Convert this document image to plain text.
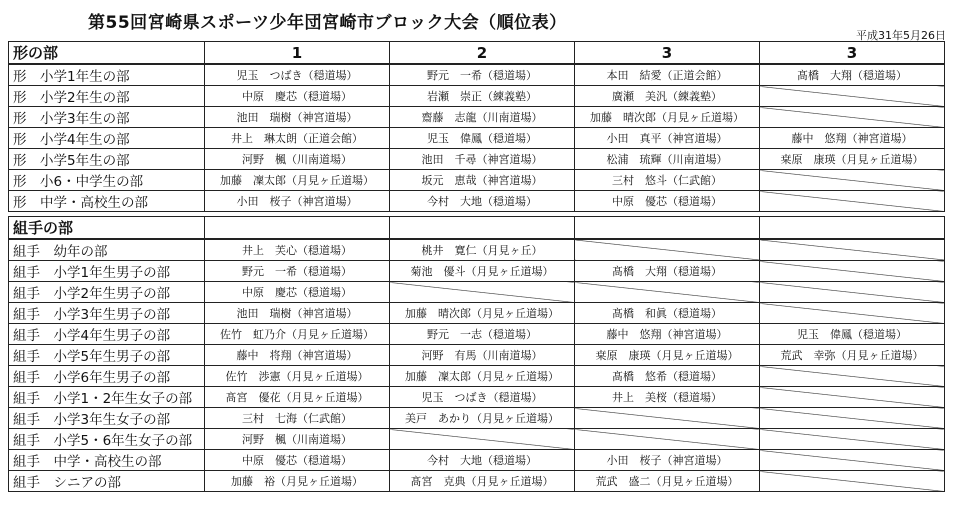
第55回宮崎県スポーツ少年団宮崎市ブロック大会（順位表）
平成31年5月26日
形の部	1	2	3	3
形　小学1年生の部	児玉　つばき（穏道場）	野元　一希（穏道場）	本田　結愛（正道会館）	髙橋　大翔（穏道場）
形　小学2年生の部	中原　慶芯（穏道場）	岩瀬　崇正（練義塾）	廣瀬　美汎（練義塾）	
形　小学3年生の部	池田　瑞樹（神宮道場）	齋藤　志龍（川南道場）	加藤　晴次郎（月見ヶ丘道場）	
形　小学4年生の部	井上　琳太朗（正道会館）	児玉　偉鳳（穏道場）	小田　真平（神宮道場）	藤中　悠翔（神宮道場）
形　小学5年生の部	河野　楓（川南道場）	池田　千尋（神宮道場）	松浦　琉輝（川南道場）	枽原　康瑛（月見ヶ丘道場）
形　小6・中学生の部	加藤　凜太郎（月見ヶ丘道場）	坂元　恵哉（神宮道場）	三村　悠斗（仁武館）	
形　中学・高校生の部	小田　桜子（神宮道場）	今村　大地（穏道場）	中原　優芯（穏道場）	

組手の部				
組手　幼年の部	井上　芙心（穏道場）	桃井　寛仁（月見ヶ丘）		
組手　小学1年生男子の部	野元　一希（穏道場）	菊池　優斗（月見ヶ丘道場）	髙橋　大翔（穏道場）	
組手　小学2年生男子の部	中原　慶芯（穏道場）			
組手　小学3年生男子の部	池田　瑞樹（神宮道場）	加藤　晴次郎（月見ヶ丘道場）	髙橋　和眞（穏道場）	
組手　小学4年生男子の部	佐竹　虹乃介（月見ヶ丘道場）	野元　一志（穏道場）	藤中　悠翔（神宮道場）	児玉　偉鳳（穏道場）
組手　小学5年生男子の部	藤中　将翔（神宮道場）	河野　有馬（川南道場）	枽原　康瑛（月見ヶ丘道場）	荒武　幸弥（月見ヶ丘道場）
組手　小学6年生男子の部	佐竹　渉憲（月見ヶ丘道場）	加藤　凜太郎（月見ヶ丘道場）	髙橋　悠希（穏道場）	
組手　小学1・2年生女子の部	髙宮　優花（月見ヶ丘道場）	児玉　つばき（穏道場）	井上　美桜（穏道場）	
組手　小学3年生女子の部	三村　七海（仁武館）	美戸　あかり（月見ヶ丘道場）		
組手　小学5・6年生女子の部	河野　楓（川南道場）			
組手　中学・高校生の部	中原　優芯（穏道場）	今村　大地（穏道場）	小田　桜子（神宮道場）	
組手　シニアの部	加藤　裕（月見ヶ丘道場）	髙宮　克典（月見ヶ丘道場）	荒武　盛二（月見ヶ丘道場）	
